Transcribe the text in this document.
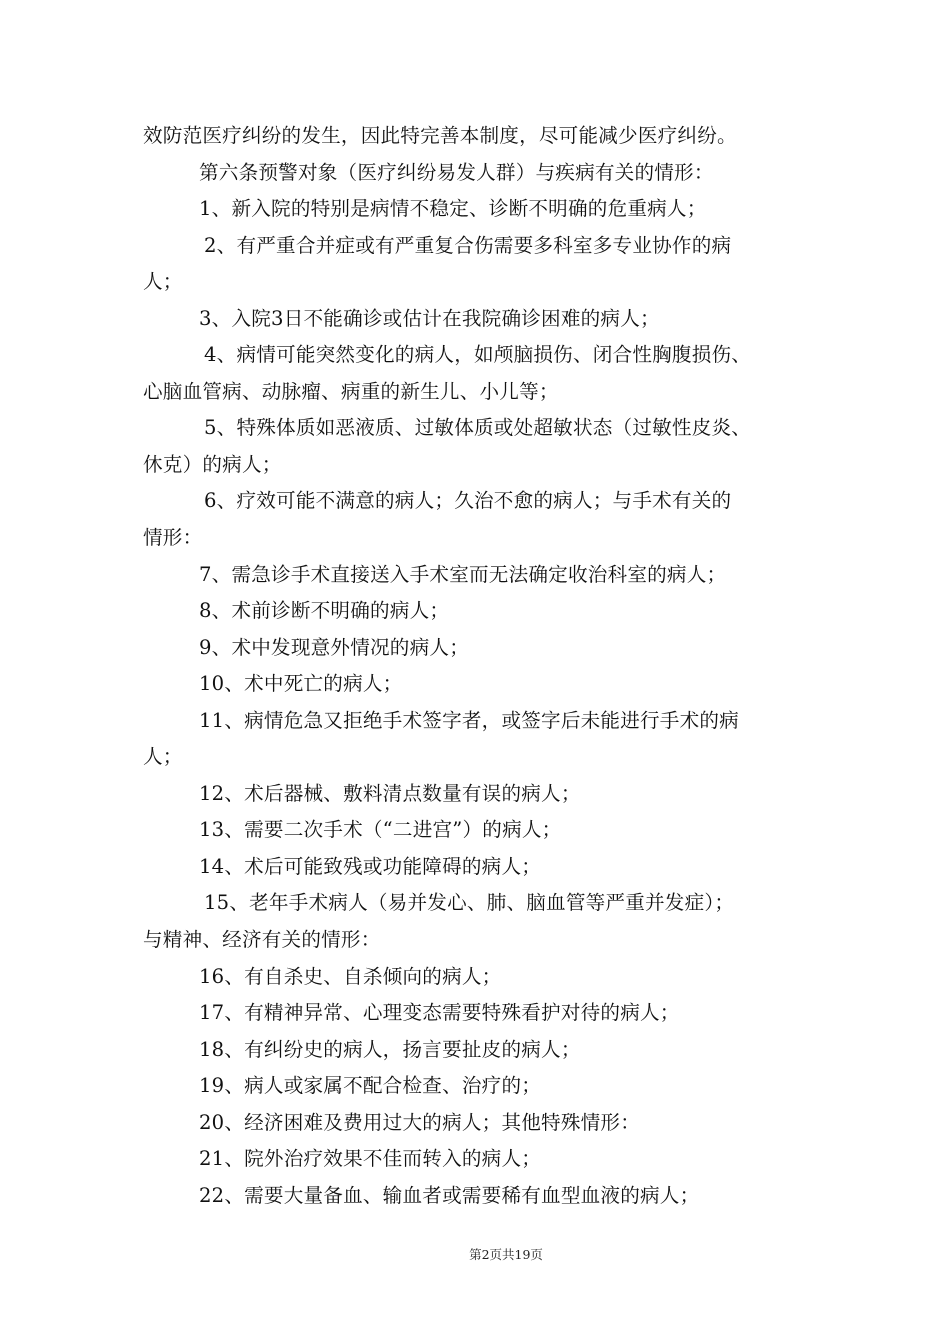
效防范医疗纠纷的发生，因此特完善本制度，尽可能减少医疗纠纷。
第六条预警对象（医疗纠纷易发人群）与疾病有关的情形：
1、新入院的特别是病情不稳定、诊断不明确的危重病人；
2、有严重合并症或有严重复合伤需要多科室多专业协作的病
人；
3、入院3日不能确诊或估计在我院确诊困难的病人；
4、病情可能突然变化的病人，如颅脑损伤、闭合性胸腹损伤、
心脑血管病、动脉瘤、病重的新生儿、小儿等；
5、特殊体质如恶液质、过敏体质或处超敏状态（过敏性皮炎、
休克）的病人；
6、疗效可能不满意的病人；久治不愈的病人；与手术有关的
情形：
7、需急诊手术直接送入手术室而无法确定收治科室的病人；
8、术前诊断不明确的病人；
9、术中发现意外情况的病人；
10、术中死亡的病人；
11、病情危急又拒绝手术签字者，或签字后未能进行手术的病
人；
12、术后器械、敷料清点数量有误的病人；
13、需要二次手术（“二进宫”）的病人；
14、术后可能致残或功能障碍的病人；
15、老年手术病人（易并发心、肺、脑血管等严重并发症）；
与精神、经济有关的情形：
16、有自杀史、自杀倾向的病人；
17、有精神异常、心理变态需要特殊看护对待的病人；
18、有纠纷史的病人，扬言要扯皮的病人；
19、病人或家属不配合检查、治疗的；
20、经济困难及费用过大的病人；其他特殊情形：
21、院外治疗效果不佳而转入的病人；
22、需要大量备血、输血者或需要稀有血型血液的病人；
第2页共19页
